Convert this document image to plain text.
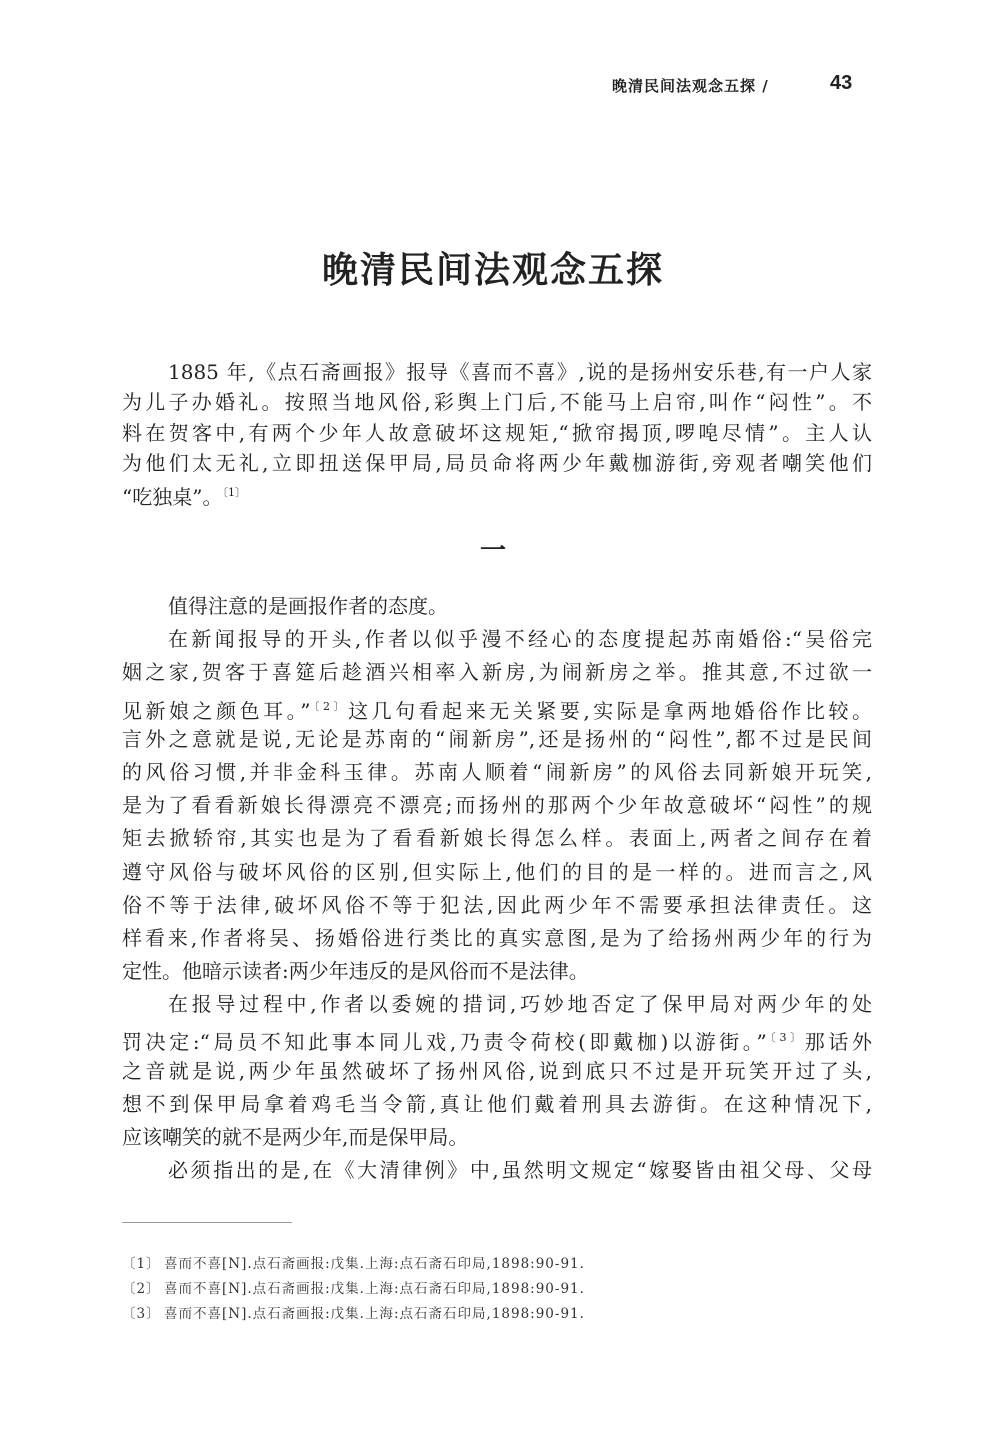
晚清民间法观念五探 /	43
晚清民间法观念五探
1885 年,《点石斋画报》报导《喜而不喜》,说的是扬州安乐巷,有一户人家
为儿子办婚礼。按照当地风俗,彩舆上门后,不能马上启帘,叫作“闷性”。不
料在贺客中,有两个少年人故意破坏这规矩,“掀帘揭顶,啰唣尽情”。主人认
为他们太无礼,立即扭送保甲局,局员命将两少年戴枷游街,旁观者嘲笑他们
“吃独桌”。$^{〔1〕}$
一
值得注意的是画报作者的态度。
在新闻报导的开头,作者以似乎漫不经心的态度提起苏南婚俗:“吴俗完
姻之家,贺客于喜筵后趁酒兴相率入新房,为闹新房之举。推其意,不过欲一
见新娘之颜色耳。”$^{〔2〕}$这几句看起来无关紧要,实际是拿两地婚俗作比较。
言外之意就是说,无论是苏南的“闹新房”,还是扬州的“闷性”,都不过是民间
的风俗习惯,并非金科玉律。苏南人顺着“闹新房”的风俗去同新娘开玩笑,
是为了看看新娘长得漂亮不漂亮;而扬州的那两个少年故意破坏“闷性”的规
矩去掀轿帘,其实也是为了看看新娘长得怎么样。表面上,两者之间存在着
遵守风俗与破坏风俗的区别,但实际上,他们的目的是一样的。进而言之,风
俗不等于法律,破坏风俗不等于犯法,因此两少年不需要承担法律责任。这
样看来,作者将吴、扬婚俗进行类比的真实意图,是为了给扬州两少年的行为
定性。他暗示读者:两少年违反的是风俗而不是法律。
在报导过程中,作者以委婉的措词,巧妙地否定了保甲局对两少年的处
罚决定:“局员不知此事本同儿戏,乃责令荷校(即戴枷)以游街。”$^{〔3〕}$那话外
之音就是说,两少年虽然破坏了扬州风俗,说到底只不过是开玩笑开过了头,
想不到保甲局拿着鸡毛当令箭,真让他们戴着刑具去游街。在这种情况下,
应该嘲笑的就不是两少年,而是保甲局。
必须指出的是,在《大清律例》中,虽然明文规定“嫁娶皆由祖父母、父母
〔1〕 喜而不喜[N].点石斋画报:戊集.上海:点石斋石印局,1898:90-91.
〔2〕 喜而不喜[N].点石斋画报:戊集.上海:点石斋石印局,1898:90-91.
〔3〕 喜而不喜[N].点石斋画报:戊集.上海:点石斋石印局,1898:90-91.
